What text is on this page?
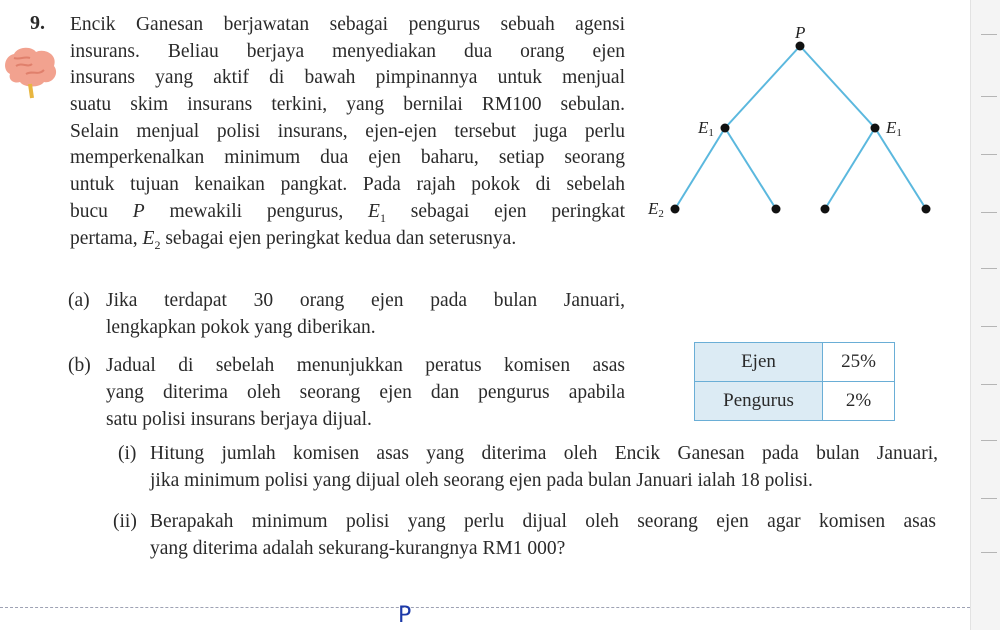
9. Encik Ganesan berjawatan sebagai pengurus sebuah agensi
insurans. Beliau berjaya menyediakan dua orang ejen
insurans yang aktif di bawah pimpinannya untuk menjual
suatu skim insurans terkini, yang bernilai RM100 sebulan.
Selain menjual polisi insurans, ejen-ejen tersebut juga perlu
memperkenalkan minimum dua ejen baharu, setiap seorang
untuk tujuan kenaikan pangkat. Pada rajah pokok di sebelah
bucu P mewakili pengurus, $E_1$ sebagai ejen peringkat
pertama, $E_2$ sebagai ejen peringkat kedua dan seterusnya.
(a) Jika terdapat 30 orang ejen pada bulan Januari,
lengkapkan pokok yang diberikan.
(b) Jadual di sebelah menunjukkan peratus komisen asas
yang diterima oleh seorang ejen dan pengurus apabila
satu polisi insurans berjaya dijual.
(i) Hitung jumlah komisen asas yang diterima oleh Encik Ganesan pada bulan Januari,
jika minimum polisi yang dijual oleh seorang ejen pada bulan Januari ialah 18 polisi.
(ii) Berapakah minimum polisi yang perlu dijual oleh seorang ejen agar komisen asas
yang diterima adalah sekurang-kurangnya RM1 000?
P
E1	E1
E2
Ejen	25%
Pengurus	2%
P
